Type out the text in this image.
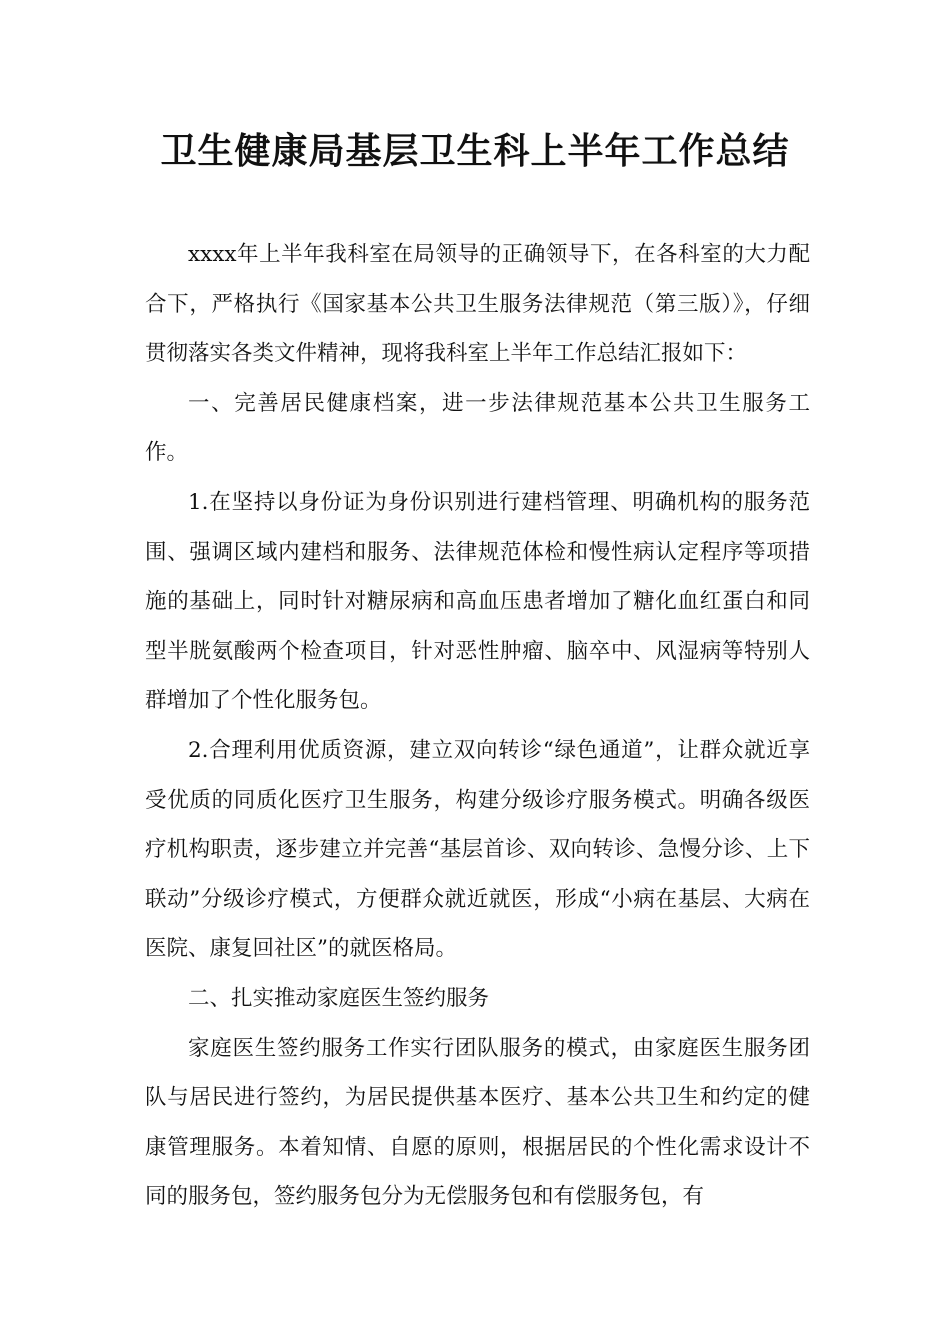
卫生健康局基层卫生科上半年工作总结

xxxx年上半年我科室在局领导的正确领导下，在各科室的大力配合下，严格执行《国家基本公共卫生服务法律规范（第三版）》，仔细贯彻落实各类文件精神，现将我科室上半年工作总结汇报如下：

一、完善居民健康档案，进一步法律规范基本公共卫生服务工作。

1.在坚持以身份证为身份识别进行建档管理、明确机构的服务范围、强调区域内建档和服务、法律规范体检和慢性病认定程序等项措施的基础上，同时针对糖尿病和高血压患者增加了糖化血红蛋白和同型半胱氨酸两个检查项目，针对恶性肿瘤、脑卒中、风湿病等特别人群增加了个性化服务包。

2.合理利用优质资源，建立双向转诊“绿色通道”，让群众就近享受优质的同质化医疗卫生服务，构建分级诊疗服务模式。明确各级医疗机构职责，逐步建立并完善“基层首诊、双向转诊、急慢分诊、上下联动”分级诊疗模式，方便群众就近就医，形成“小病在基层、大病在医院、康复回社区”的就医格局。

二、扎实推动家庭医生签约服务

家庭医生签约服务工作实行团队服务的模式，由家庭医生服务团队与居民进行签约，为居民提供基本医疗、基本公共卫生和约定的健康管理服务。本着知情、自愿的原则，根据居民的个性化需求设计不同的服务包，签约服务包分为无偿服务包和有偿服务包，有
